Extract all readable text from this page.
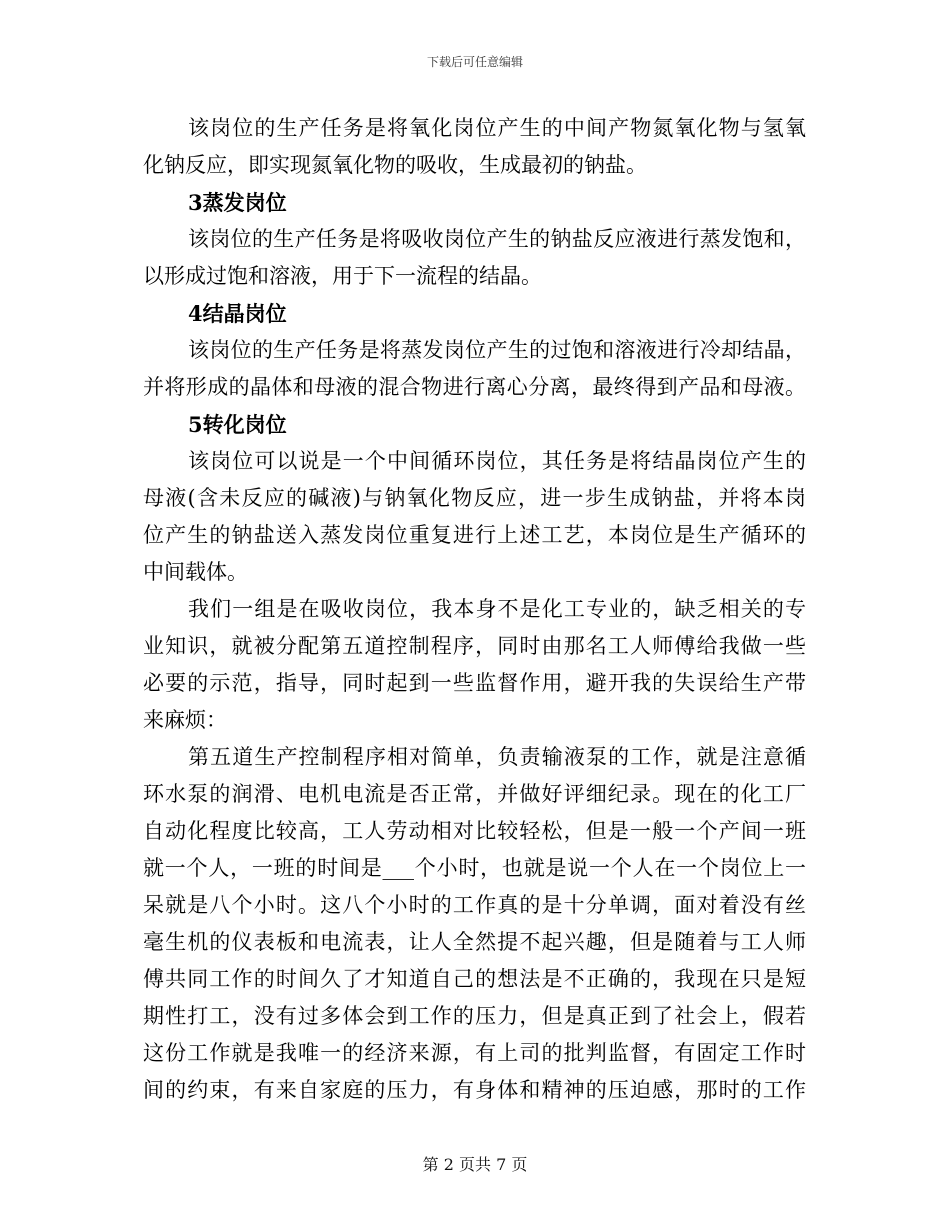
下载后可任意编辑
该岗位的生产任务是将氧化岗位产生的中间产物氮氧化物与氢氧
化钠反应，即实现氮氧化物的吸收，生成最初的钠盐。
3蒸发岗位
该岗位的生产任务是将吸收岗位产生的钠盐反应液进行蒸发饱和，
以形成过饱和溶液，用于下一流程的结晶。
4结晶岗位
该岗位的生产任务是将蒸发岗位产生的过饱和溶液进行冷却结晶，
并将形成的晶体和母液的混合物进行离心分离，最终得到产品和母液。
5转化岗位
该岗位可以说是一个中间循环岗位，其任务是将结晶岗位产生的
母液(含未反应的碱液)与钠氧化物反应，进一步生成钠盐，并将本岗
位产生的钠盐送入蒸发岗位重复进行上述工艺，本岗位是生产循环的
中间载体。
我们一组是在吸收岗位，我本身不是化工专业的，缺乏相关的专
业知识，就被分配第五道控制程序，同时由那名工人师傅给我做一些
必要的示范，指导，同时起到一些监督作用，避开我的失误给生产带
来麻烦：
第五道生产控制程序相对简单，负责输液泵的工作，就是注意循
环水泵的润滑、电机电流是否正常，并做好评细纪录。现在的化工厂
自动化程度比较高，工人劳动相对比较轻松，但是一般一个产间一班
就一个人，一班的时间是___个小时，也就是说一个人在一个岗位上一
呆就是八个小时。这八个小时的工作真的是十分单调，面对着没有丝
毫生机的仪表板和电流表，让人全然提不起兴趣，但是随着与工人师
傅共同工作的时间久了才知道自己的想法是不正确的，我现在只是短
期性打工，没有过多体会到工作的压力，但是真正到了社会上，假若
这份工作就是我唯一的经济来源，有上司的批判监督，有固定工作时
间的约束，有来自家庭的压力，有身体和精神的压迫感，那时的工作
第 2 页共 7 页
